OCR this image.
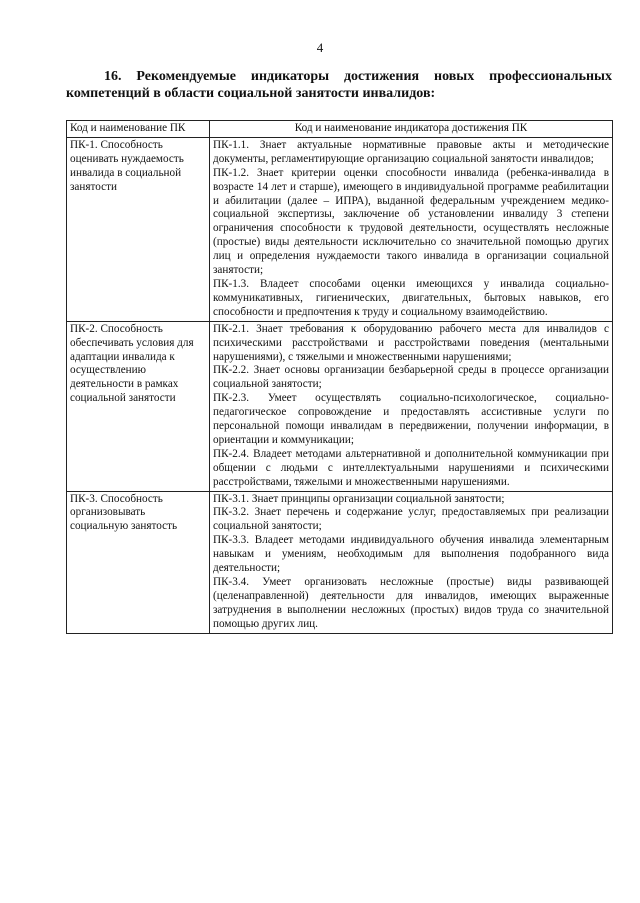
4
16. Рекомендуемые индикаторы достижения новых профессиональных компетенций в области социальной занятости инвалидов:
Код и наименование ПК	Код и наименование индикатора достижения ПК
ПК-1. Способность оценивать нуждаемость инвалида в социальной занятости	ПК-1.1. Знает актуальные нормативные правовые акты и методические документы, регламентирующие организацию социальной занятости инвалидов;

ПК-1.2. Знает критерии оценки способности инвалида (ребенка-инвалида в возрасте 14 лет и старше), имеющего в индивидуальной программе реабилитации и абилитации (далее – ИПРА), выданной федеральным учреждением медико-социальной экспертизы, заключение об установлении инвалиду 3 степени ограничения способности к трудовой деятельности, осуществлять несложные (простые) виды деятельности исключительно со значительной помощью других лиц и определения нуждаемости такого инвалида в организации социальной занятости;

ПК-1.3. Владеет способами оценки имеющихся у инвалида социально-коммуникативных, гигиенических, двигательных, бытовых навыков, его способности и предпочтения к труду и социальному взаимодействию.

ПК-2. Способность обеспечивать условия для адаптации инвалида к осуществлению деятельности в рамках социальной занятости	ПК-2.1. Знает требования к оборудованию рабочего места для инвалидов с психическими расстройствами и расстройствами поведения (ментальными нарушениями), с тяжелыми и множественными нарушениями;

ПК-2.2. Знает основы организации безбарьерной среды в процессе организации социальной занятости;

ПК-2.3. Умеет осуществлять социально-психологическое, социально-педагогическое сопровождение и предоставлять ассистивные услуги по персональной помощи инвалидам в передвижении, получении информации, в ориентации и коммуникации;

ПК-2.4. Владеет методами альтернативной и дополнительной коммуникации при общении с людьми с интеллектуальными нарушениями и психическими расстройствами, тяжелыми и множественными нарушениями.

ПК-3. Способность организовывать социальную занятость	ПК-3.1. Знает принципы организации социальной занятости;

ПК-3.2. Знает перечень и содержание услуг, предоставляемых при реализации социальной занятости;

ПК-3.3. Владеет методами индивидуального обучения инвалида элементарным навыкам и умениям, необходимым для выполнения подобранного вида деятельности;

ПК-3.4. Умеет организовать несложные (простые) виды развивающей (целенаправленной) деятельности для инвалидов, имеющих выраженные затруднения в выполнении несложных (простых) видов труда со значительной помощью других лиц.
